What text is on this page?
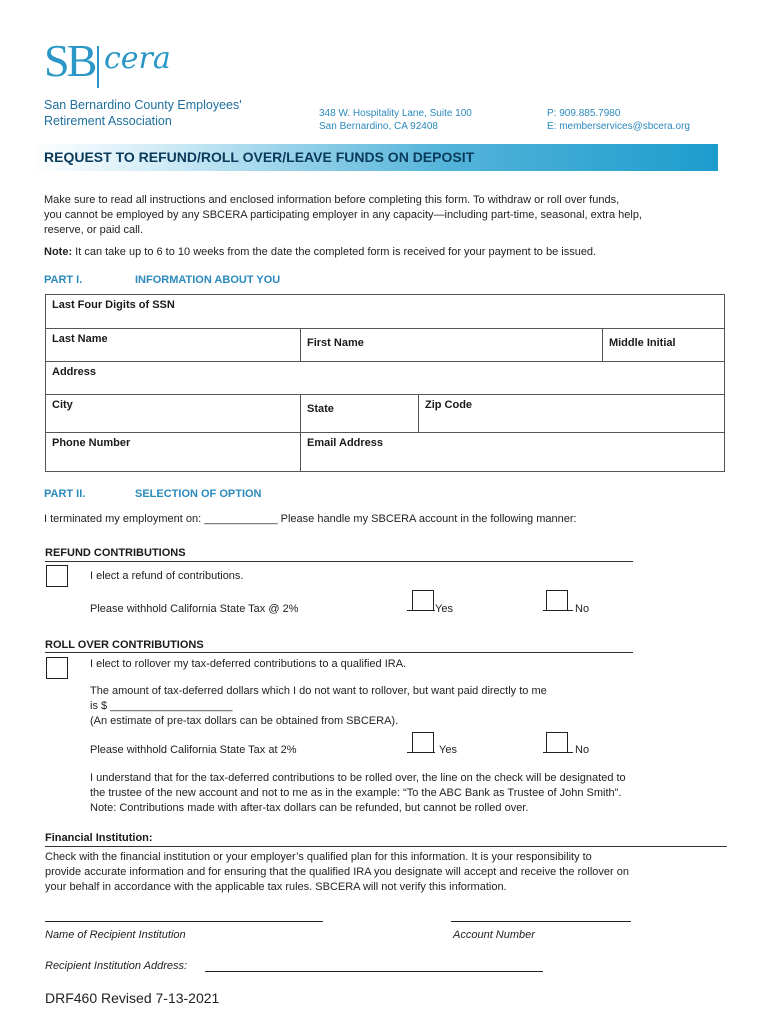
SB cera
San Bernardino County Employees'
Retirement Association
348 W. Hospitality Lane, Suite 100
San Bernardino, CA 92408
P: 909.885.7980
E: memberservices@sbcera.org
REQUEST TO REFUND/ROLL OVER/LEAVE FUNDS ON DEPOSIT
Make sure to read all instructions and enclosed information before completing this form. To withdraw or roll over funds,
you cannot be employed by any SBCERA participating employer in any capacity—including part-time, seasonal, extra help,
reserve, or paid call.
Note: It can take up to 6 to 10 weeks from the date the completed form is received for your payment to be issued.
PART I.	INFORMATION ABOUT YOU
Last Four Digits of SSN			
Last Name	First Name		Middle Initial
Address			
City	State	Zip Code	
Phone Number	Email Address		
PART II.	SELECTION OF OPTION
I terminated my employment on: ____________ Please handle my SBCERA account in the following manner:
REFUND CONTRIBUTIONS
I elect a refund of contributions.
Please withhold California State Tax @ 2%	Yes	No
ROLL OVER CONTRIBUTIONS
I elect to rollover my tax-deferred contributions to a qualified IRA.
The amount of tax-deferred dollars which I do not want to rollover, but want paid directly to me
is $ ____________________
(An estimate of pre-tax dollars can be obtained from SBCERA).
Please withhold California State Tax at 2%	Yes	No
I understand that for the tax-deferred contributions to be rolled over, the line on the check will be designated to
the trustee of the new account and not to me as in the example: “To the ABC Bank as Trustee of John Smith”.
Note: Contributions made with after-tax dollars can be refunded, but cannot be rolled over.
Financial Institution:
Check with the financial institution or your employer’s qualified plan for this information. It is your responsibility to
provide accurate information and for ensuring that the qualified IRA you designate will accept and receive the rollover on
your behalf in accordance with the applicable tax rules. SBCERA will not verify this information.
Name of Recipient Institution	Account Number
Recipient Institution Address:
DRF460 Revised 7-13-2021
